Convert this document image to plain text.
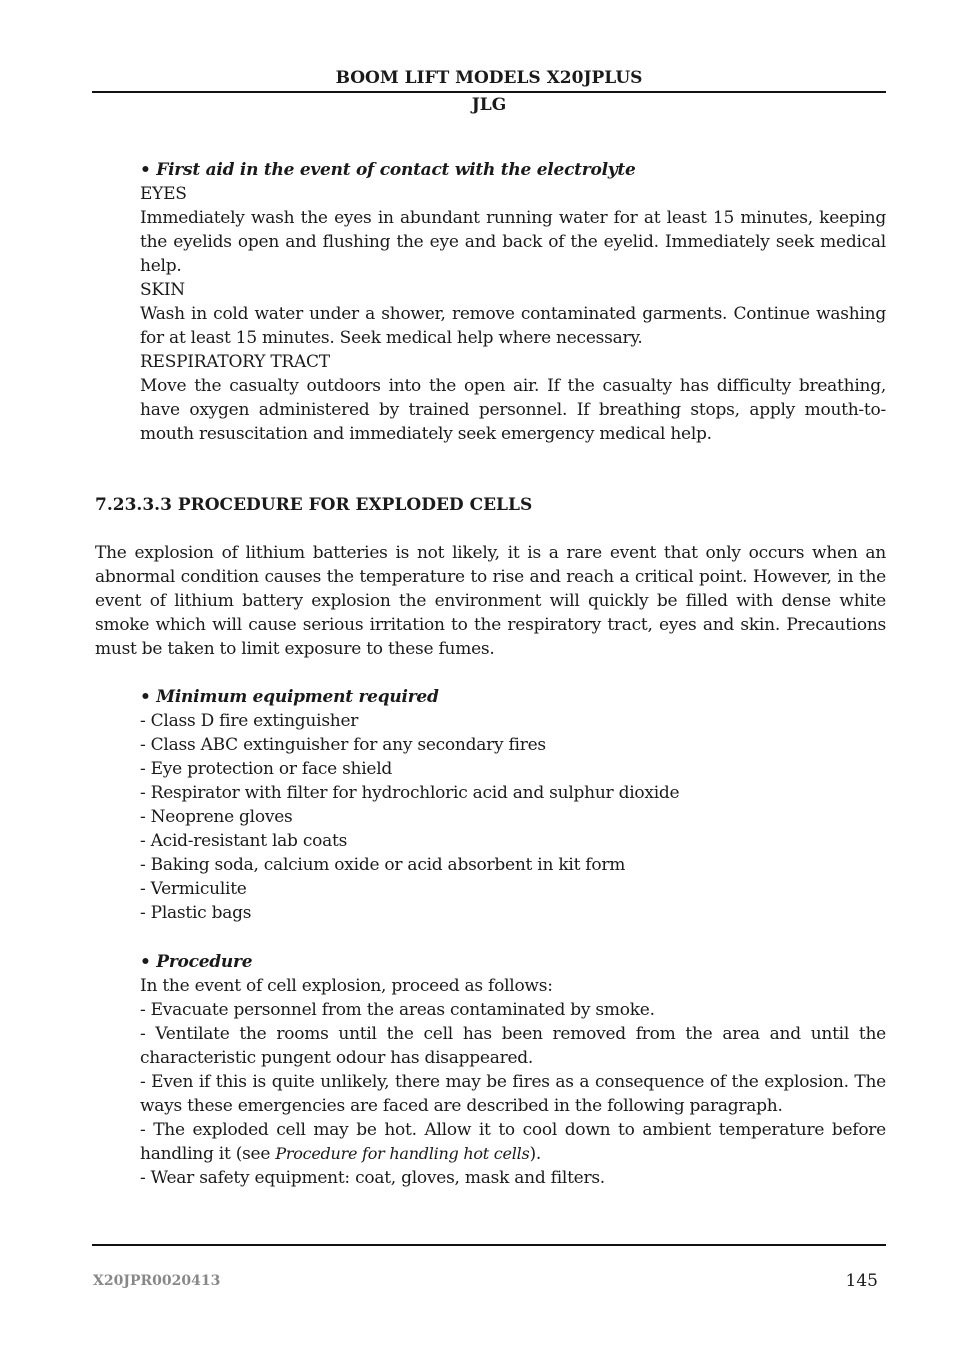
BOOM LIFT MODELS X20JPLUS
JLG
• First aid in the event of contact with the electrolyte
EYES
Immediately wash the eyes in abundant running water for at least 15 minutes, keeping the eyelids open and flushing the eye and back of the eyelid. Immediately seek medical help.
SKIN
Wash in cold water under a shower, remove contaminated garments. Continue washing for at least 15 minutes. Seek medical help where necessary.
RESPIRATORY TRACT
Move the casualty outdoors into the open air. If the casualty has difficulty breathing, have oxygen administered by trained personnel. If breathing stops, apply mouth-to-mouth resuscitation and immediately seek emergency medical help.
7.23.3.3 PROCEDURE FOR EXPLODED CELLS
The explosion of lithium batteries is not likely, it is a rare event that only occurs when an abnormal condition causes the temperature to rise and reach a critical point. However, in the event of lithium battery explosion the environment will quickly be filled with dense white smoke which will cause serious irritation to the respiratory tract, eyes and skin. Precautions must be taken to limit exposure to these fumes.
• Minimum equipment required
- Class D fire extinguisher
- Class ABC extinguisher for any secondary fires
- Eye protection or face shield
- Respirator with filter for hydrochloric acid and sulphur dioxide
- Neoprene gloves
- Acid-resistant lab coats
- Baking soda, calcium oxide or acid absorbent in kit form
- Vermiculite
- Plastic bags
• Procedure
In the event of cell explosion, proceed as follows:
- Evacuate personnel from the areas contaminated by smoke.
- Ventilate the rooms until the cell has been removed from the area and until the characteristic pungent odour has disappeared.
- Even if this is quite unlikely, there may be fires as a consequence of the explosion. The ways these emergencies are faced are described in the following paragraph.
- The exploded cell may be hot. Allow it to cool down to ambient temperature before handling it (see Procedure for handling hot cells).
- Wear safety equipment: coat, gloves, mask and filters.
X20JPR0020413	145
